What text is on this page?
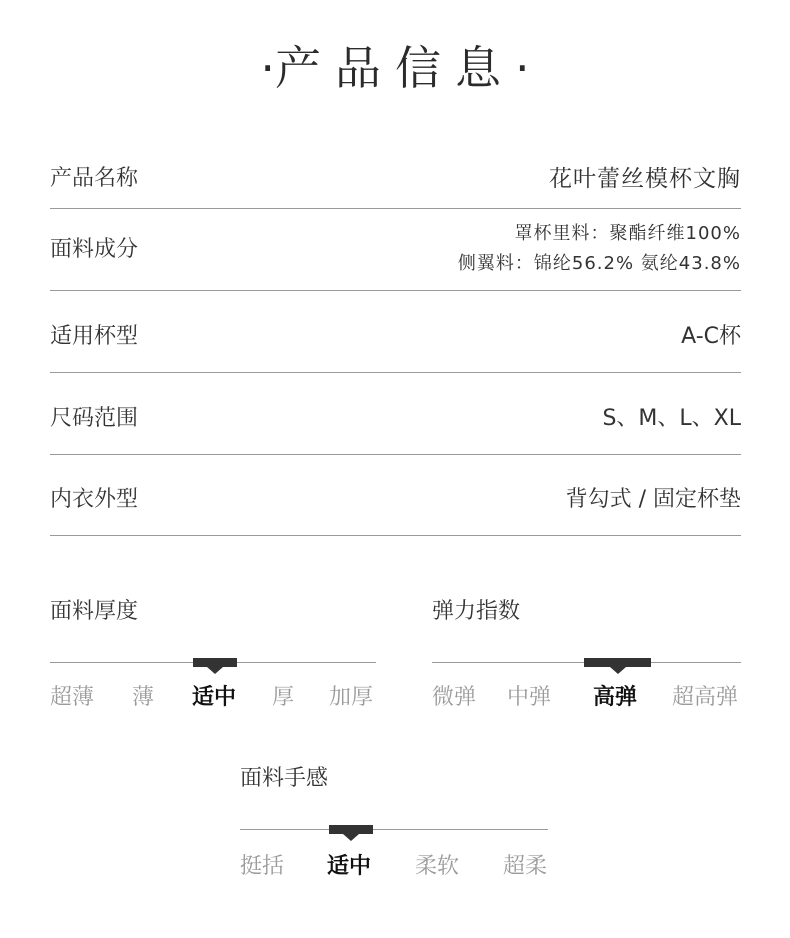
·产品信息·
产品名称	花叶蕾丝模杯文胸
面料成分
罩杯里料：聚酯纤维100%
侧翼料：锦纶56.2% 氨纶43.8%
适用杯型	A-C杯
尺码范围	S、M、L、XL
内衣外型	背勾式 / 固定杯垫
面料厚度
超薄 薄 适中 厚 加厚
弹力指数
微弹 中弹 高弹 超高弹
面料手感
挺括 适中 柔软 超柔
